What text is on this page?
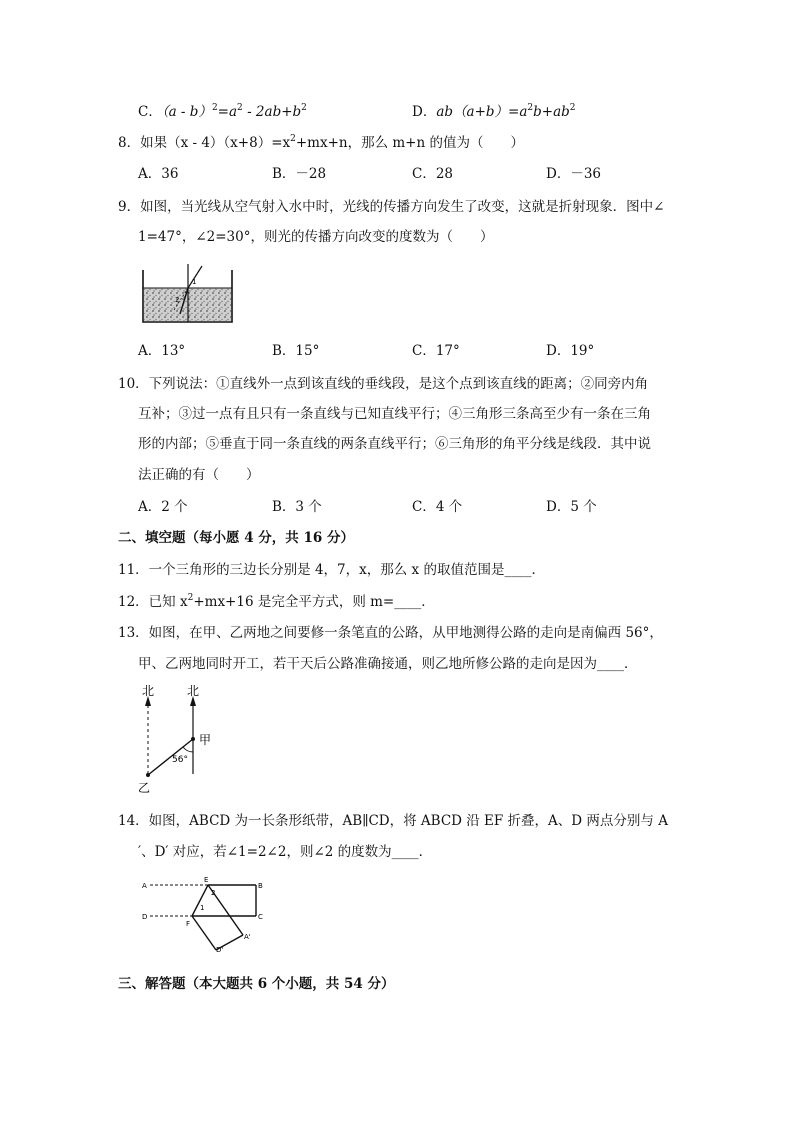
C．$(a - b)^2=a^2 - 2ab+b^2$	D．$ab(a+b)=a^2b+ab^2$
8．如果$(x - 4)(x+8)=x^2+mx+n$，那么 m+n 的值为（　　）
A．36	B．－28	C．28	D．－36
9．如图，当光线从空气射入水中时，光线的传播方向发生了改变，这就是折射现象．图中∠
1=47°，∠2=30°，则光的传播方向改变的度数为（　　）
1
2
A．13°	B．15°	C．17°	D．19°
10．下列说法：①直线外一点到该直线的垂线段，是这个点到该直线的距离；②同旁内角
互补；③过一点有且只有一条直线与已知直线平行；④三角形三条高至少有一条在三角
形的内部；⑤垂直于同一条直线的两条直线平行；⑥三角形的角平分线是线段．其中说
法正确的有（　　）
A．2 个	B．3 个	C．4 个	D．5 个
二、填空题（每小愿 4 分，共 16 分）
11．一个三角形的三边长分别是 4，7，x，那么 x 的取值范围是____．
12．已知 $x^2+mx+16$ 是完全平方式，则 m=____．
13．如图，在甲、乙两地之间要修一条笔直的公路，从甲地测得公路的走向是南偏西 56°，
甲、乙两地同时开工，若干天后公路准确接通，则乙地所修公路的走向是因为____．
北	北
甲
乙
56°
14．如图，ABCD 为一长条形纸带，AB∥CD，将 ABCD 沿 EF 折叠，A、D 两点分别与 A
′、D′ 对应，若∠1=2∠2，则∠2 的度数为____．
A	B
C
D
E
F
A'
D'
1
2
三、解答题（本大题共 6 个小题，共 54 分）
